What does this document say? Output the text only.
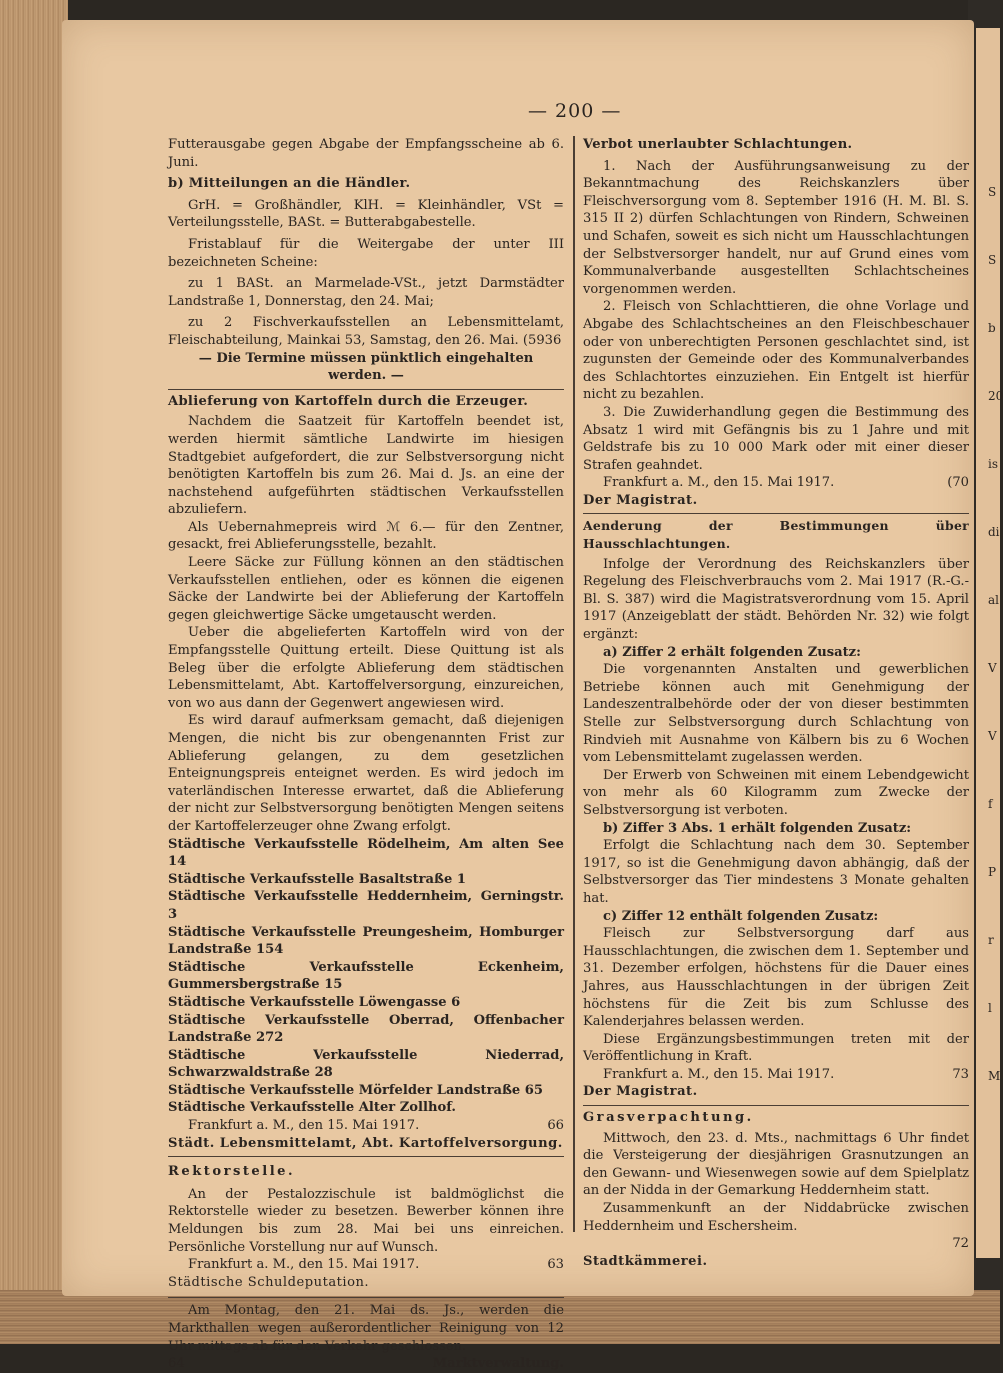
S
S
b
20
is
di
al
V
V
f
P
r
l
M
— 200 —

Futterausgabe gegen Abgabe der Empfangsscheine ab 6. Juni.

b) Mitteilungen an die Händler.

GrH. = Großhändler, KlH. = Kleinhändler, VSt = Verteilungsstelle, BASt. = Butterabgabestelle.

Fristablauf für die Weitergabe der unter III bezeichneten Scheine:

zu 1 BASt. an Marmelade-VSt., jetzt Darmstädter Landstraße 1, Donnerstag, den 24. Mai;

zu 2 Fischverkaufsstellen an Lebensmittelamt, Fleischabteilung, Mainkai 53, Samstag, den 26. Mai. (5936

— Die Termine müssen pünktlich eingehalten werden. —

Ablieferung von Kartoffeln durch die Erzeuger.

Nachdem die Saatzeit für Kartoffeln beendet ist, werden hiermit sämtliche Landwirte im hiesigen Stadtgebiet aufgefordert, die zur Selbstversorgung nicht benötigten Kartoffeln bis zum 26. Mai d. Js. an eine der nachstehend aufgeführten städtischen Verkaufsstellen abzuliefern.

Als Uebernahmepreis wird ℳ 6.— für den Zentner, gesackt, frei Ablieferungsstelle, bezahlt.

Leere Säcke zur Füllung können an den städtischen Verkaufsstellen entliehen, oder es können die eigenen Säcke der Landwirte bei der Ablieferung der Kartoffeln gegen gleichwertige Säcke umgetauscht werden.

Ueber die abgelieferten Kartoffeln wird von der Empfangsstelle Quittung erteilt. Diese Quittung ist als Beleg über die erfolgte Ablieferung dem städtischen Lebensmittelamt, Abt. Kartoffelversorgung, einzureichen, von wo aus dann der Gegenwert angewiesen wird.

Es wird darauf aufmerksam gemacht, daß diejenigen Mengen, die nicht bis zur obengenannten Frist zur Ablieferung gelangen, zu dem gesetzlichen Enteignungspreis enteignet werden. Es wird jedoch im vaterländischen Interesse erwartet, daß die Ablieferung der nicht zur Selbstversorgung benötigten Mengen seitens der Kartoffelerzeuger ohne Zwang erfolgt.

Städtische Verkaufsstelle Rödelheim, Am alten See 14

Städtische Verkaufsstelle Basaltstraße 1

Städtische Verkaufsstelle Heddernheim, Gerningstr. 3

Städtische Verkaufsstelle Preungesheim, Homburger Landstraße 154

Städtische Verkaufsstelle Eckenheim, Gummersbergstraße 15

Städtische Verkaufsstelle Löwengasse 6

Städtische Verkaufsstelle Oberrad, Offenbacher Landstraße 272

Städtische Verkaufsstelle Niederrad, Schwarzwaldstraße 28

Städtische Verkaufsstelle Mörfelder Landstraße 65

Städtische Verkaufsstelle Alter Zollhof.

Frankfurt a. M., den 15. Mai 1917.	66

Städt. Lebensmittelamt, Abt. Kartoffelversorgung.

Rektorstelle.

An der Pestalozzischule ist baldmöglichst die Rektorstelle wieder zu besetzen. Bewerber können ihre Meldungen bis zum 28. Mai bei uns einreichen. Persönliche Vorstellung nur auf Wunsch.

Frankfurt a. M., den 15. Mai 1917.	63

Städtische Schuldeputation.

Am Montag, den 21. Mai ds. Js., werden die Markthallen wegen außerordentlicher Reinigung von 12 Uhr mittags ab für den Verkehr geschlossen.

64	Marktverwaltung.

Verbot unerlaubter Schlachtungen.

1. Nach der Ausführungsanweisung zu der Bekanntmachung des Reichskanzlers über Fleischversorgung vom 8. September 1916 (H. M. Bl. S. 315 II 2) dürfen Schlachtungen von Rindern, Schweinen und Schafen, soweit es sich nicht um Hausschlachtungen der Selbstversorger handelt, nur auf Grund eines vom Kommunalverbande ausgestellten Schlachtscheines vorgenommen werden.

2. Fleisch von Schlachttieren, die ohne Vorlage und Abgabe des Schlachtscheines an den Fleischbeschauer oder von unberechtigten Personen geschlachtet sind, ist zugunsten der Gemeinde oder des Kommunalverbandes des Schlachtortes einzuziehen. Ein Entgelt ist hierfür nicht zu bezahlen.

3. Die Zuwiderhandlung gegen die Bestimmung des Absatz 1 wird mit Gefängnis bis zu 1 Jahre und mit Geldstrafe bis zu 10 000 Mark oder mit einer dieser Strafen geahndet.

Frankfurt a. M., den 15. Mai 1917.	(70

Der Magistrat.

Aenderung der Bestimmungen über Hausschlachtungen.

Infolge der Verordnung des Reichskanzlers über Regelung des Fleischverbrauchs vom 2. Mai 1917 (R.-G.-Bl. S. 387) wird die Magistratsverordnung vom 15. April 1917 (Anzeigeblatt der städt. Behörden Nr. 32) wie folgt ergänzt:

a) Ziffer 2 erhält folgenden Zusatz:

Die vorgenannten Anstalten und gewerblichen Betriebe können auch mit Genehmigung der Landeszentralbehörde oder der von dieser bestimmten Stelle zur Selbstversorgung durch Schlachtung von Rindvieh mit Ausnahme von Kälbern bis zu 6 Wochen vom Lebensmittelamt zugelassen werden.

Der Erwerb von Schweinen mit einem Lebendgewicht von mehr als 60 Kilogramm zum Zwecke der Selbstversorgung ist verboten.

b) Ziffer 3 Abs. 1 erhält folgenden Zusatz:

Erfolgt die Schlachtung nach dem 30. September 1917, so ist die Genehmigung davon abhängig, daß der Selbstversorger das Tier mindestens 3 Monate gehalten hat.

c) Ziffer 12 enthält folgenden Zusatz:

Fleisch zur Selbstversorgung darf aus Hausschlachtungen, die zwischen dem 1. September und 31. Dezember erfolgen, höchstens für die Dauer eines Jahres, aus Hausschlachtungen in der übrigen Zeit höchstens für die Zeit bis zum Schlusse des Kalenderjahres belassen werden.

Diese Ergänzungsbestimmungen treten mit der Veröffentlichung in Kraft.

Frankfurt a. M., den 15. Mai 1917.	73

Der Magistrat.

Grasverpachtung.

Mittwoch, den 23. d. Mts., nachmittags 6 Uhr findet die Versteigerung der diesjährigen Grasnutzungen an den Gewann- und Wiesenwegen sowie auf dem Spielplatz an der Nidda in der Gemarkung Heddernheim statt.

Zusammenkunft an der Niddabrücke zwischen Heddernheim und Eschersheim.

72

Stadtkämmerei.
